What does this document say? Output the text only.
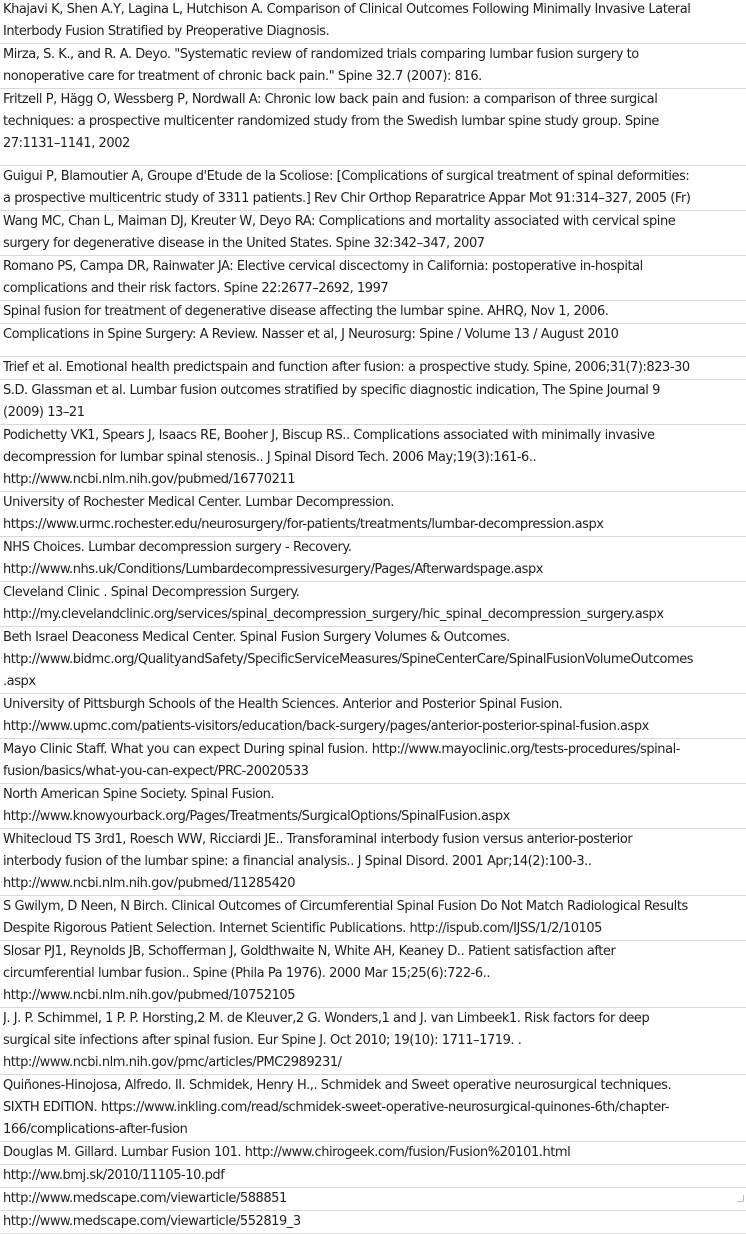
Khajavi K, Shen A.Y, Lagina L, Hutchison A. Comparison of Clinical Outcomes Following Minimally Invasive Lateral
Interbody Fusion Stratified by Preoperative Diagnosis.
Mirza, S. K., and R. A. Deyo. "Systematic review of randomized trials comparing lumbar fusion surgery to
nonoperative care for treatment of chronic back pain." Spine 32.7 (2007): 816.
Fritzell P, Hägg O, Wessberg P, Nordwall A: Chronic low back pain and fusion: a comparison of three surgical
techniques: a prospective multicenter randomized study from the Swedish lumbar spine study group. Spine
27:1131–1141, 2002
Guigui P, Blamoutier A, Groupe d'Etude de la Scoliose: [Complications of surgical treatment of spinal deformities:
a prospective multicentric study of 3311 patients.] Rev Chir Orthop Reparatrice Appar Mot 91:314–327, 2005 (Fr)
Wang MC, Chan L, Maiman DJ, Kreuter W, Deyo RA: Complications and mortality associated with cervical spine
surgery for degenerative disease in the United States. Spine 32:342–347, 2007
Romano PS, Campa DR, Rainwater JA: Elective cervical discectomy in California: postoperative in-hospital
complications and their risk factors. Spine 22:2677–2692, 1997
Spinal fusion for treatment of degenerative disease affecting the lumbar spine. AHRQ, Nov 1, 2006.
Complications in Spine Surgery: A Review. Nasser et al, J Neurosurg: Spine / Volume 13 / August 2010
Trief et al. Emotional health predictspain and function after fusion: a prospective study. Spine, 2006;31(7):823-30
S.D. Glassman et al. Lumbar fusion outcomes stratified by specific diagnostic indication, The Spine Journal 9
(2009) 13–21
Podichetty VK1, Spears J, Isaacs RE, Booher J, Biscup RS.. Complications associated with minimally invasive
decompression for lumbar spinal stenosis.. J Spinal Disord Tech. 2006 May;19(3):161-6..
http://www.ncbi.nlm.nih.gov/pubmed/16770211
University of Rochester Medical Center. Lumbar Decompression.
https://www.urmc.rochester.edu/neurosurgery/for-patients/treatments/lumbar-decompression.aspx
NHS Choices. Lumbar decompression surgery - Recovery.
http://www.nhs.uk/Conditions/Lumbardecompressivesurgery/Pages/Afterwardspage.aspx
Cleveland Clinic . Spinal Decompression Surgery.
http://my.clevelandclinic.org/services/spinal_decompression_surgery/hic_spinal_decompression_surgery.aspx
Beth Israel Deaconess Medical Center. Spinal Fusion Surgery Volumes & Outcomes.
http://www.bidmc.org/QualityandSafety/SpecificServiceMeasures/SpineCenterCare/SpinalFusionVolumeOutcomes
.aspx
University of Pittsburgh Schools of the Health Sciences. Anterior and Posterior Spinal Fusion.
http://www.upmc.com/patients-visitors/education/back-surgery/pages/anterior-posterior-spinal-fusion.aspx
Mayo Clinic Staff. What you can expect During spinal fusion. http://www.mayoclinic.org/tests-procedures/spinal-
fusion/basics/what-you-can-expect/PRC-20020533
North American Spine Society. Spinal Fusion.
http://www.knowyourback.org/Pages/Treatments/SurgicalOptions/SpinalFusion.aspx
Whitecloud TS 3rd1, Roesch WW, Ricciardi JE.. Transforaminal interbody fusion versus anterior-posterior
interbody fusion of the lumbar spine: a financial analysis.. J Spinal Disord. 2001 Apr;14(2):100-3..
http://www.ncbi.nlm.nih.gov/pubmed/11285420
S Gwilym, D Neen, N Birch. Clinical Outcomes of Circumferential Spinal Fusion Do Not Match Radiological Results
Despite Rigorous Patient Selection. Internet Scientific Publications. http://ispub.com/IJSS/1/2/10105
Slosar PJ1, Reynolds JB, Schofferman J, Goldthwaite N, White AH, Keaney D.. Patient satisfaction after
circumferential lumbar fusion.. Spine (Phila Pa 1976). 2000 Mar 15;25(6):722-6..
http://www.ncbi.nlm.nih.gov/pubmed/10752105
J. J. P. Schimmel, 1 P. P. Horsting,2 M. de Kleuver,2 G. Wonders,1 and J. van Limbeek1. Risk factors for deep
surgical site infections after spinal fusion. Eur Spine J. Oct 2010; 19(10): 1711–1719. .
http://www.ncbi.nlm.nih.gov/pmc/articles/PMC2989231/
Quiñones-Hinojosa, Alfredo. II. Schmidek, Henry H.,. Schmidek and Sweet operative neurosurgical techniques.
SIXTH EDITION. https://www.inkling.com/read/schmidek-sweet-operative-neurosurgical-quinones-6th/chapter-
166/complications-after-fusion
Douglas M. Gillard. Lumbar Fusion 101. http://www.chirogeek.com/fusion/Fusion%20101.html
http://ww.bmj.sk/2010/11105-10.pdf
http://www.medscape.com/viewarticle/588851
http://www.medscape.com/viewarticle/552819_3
